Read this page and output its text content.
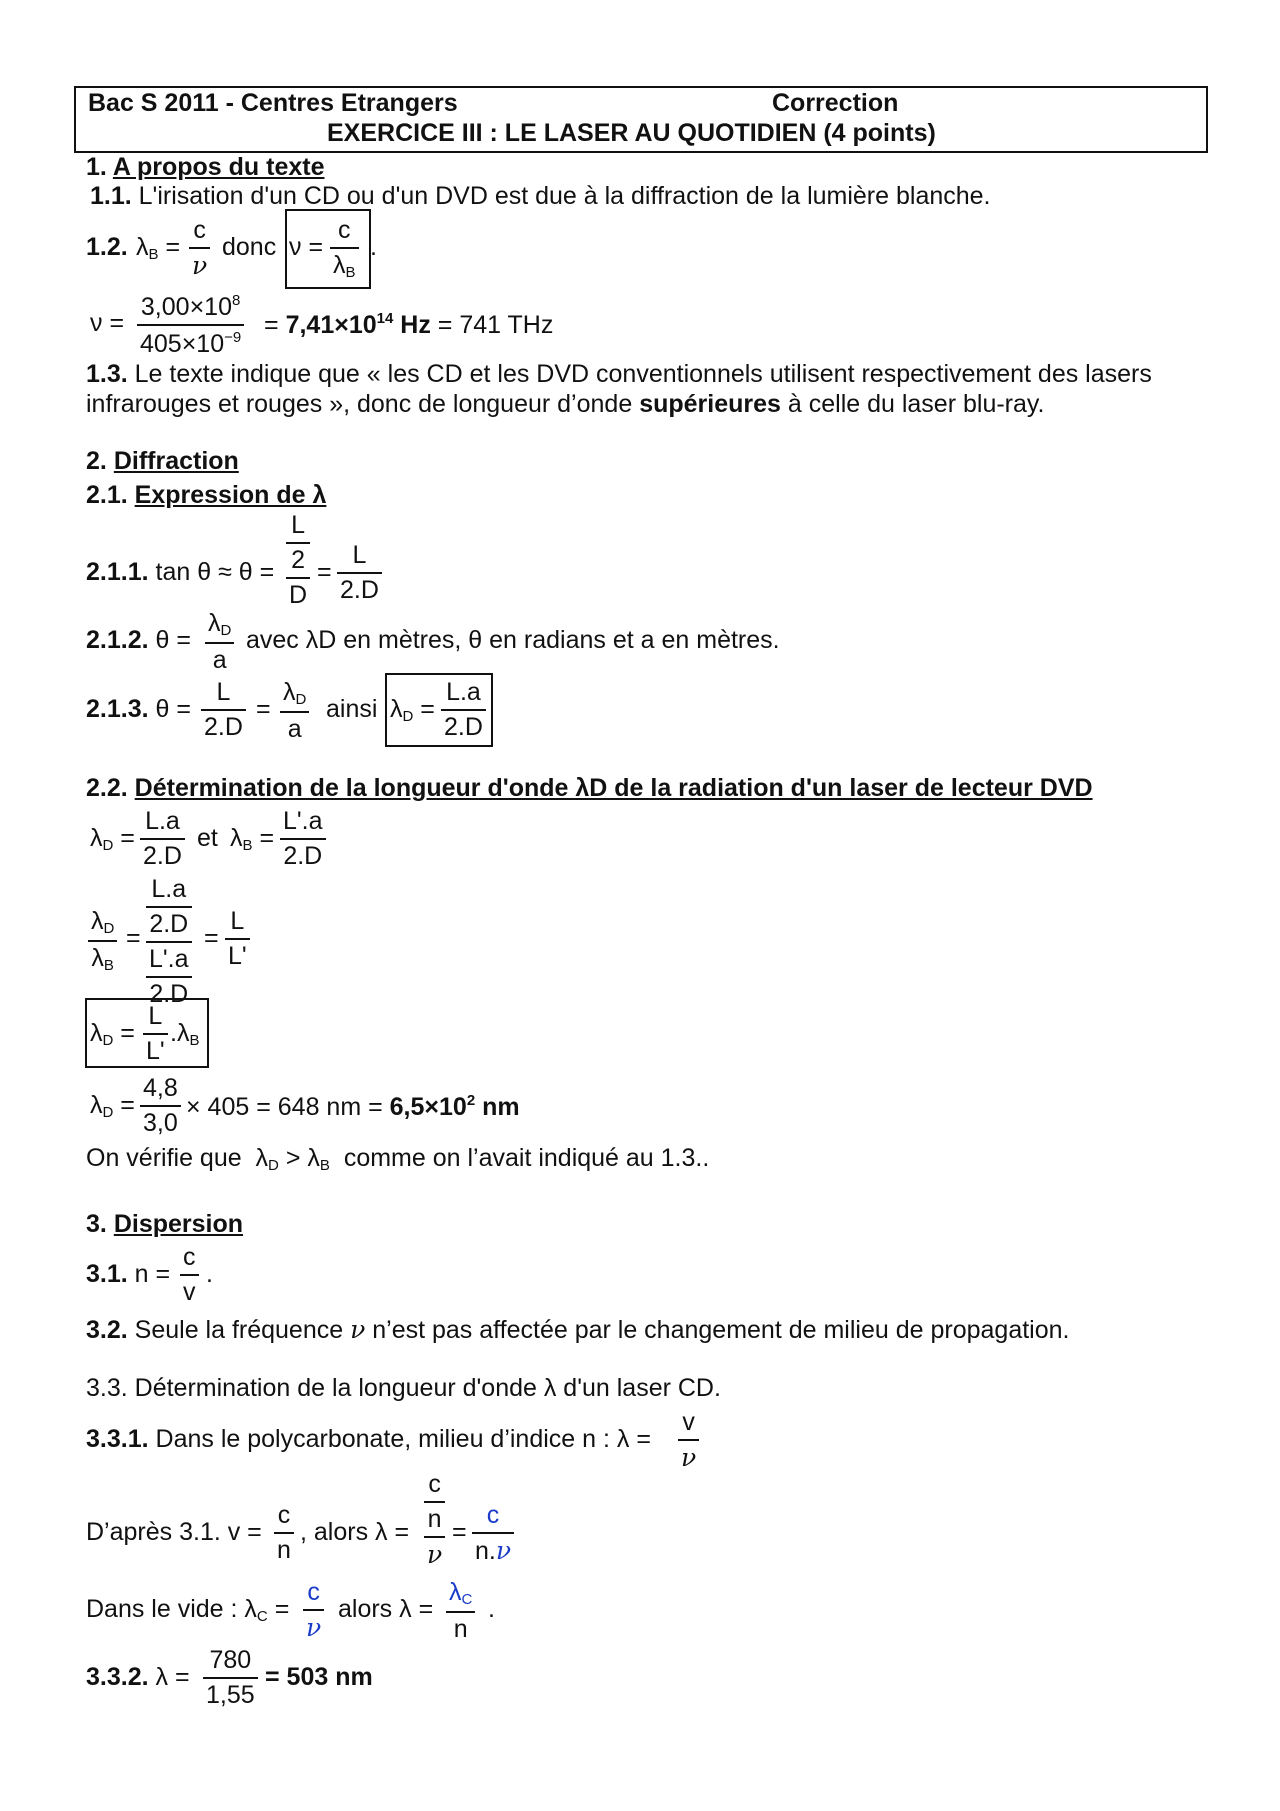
Bac S 2011 - Centres Etrangers	Correction
EXERCICE III : LE LASER AU QUOTIDIEN (4 points)
1. A propos du texte
1.1. L'irisation d'un CD ou d'un DVD est due à la diffraction de la lumière blanche.
1.2. $\lambda_B$ =
c
ν
donc ν =
c
$\lambda_B$
.
ν =
$3,00\times 10^8$
$405\times 10^{-9} = 7,41\times 10^{14}$ Hz = 741 THz
1.3. Le texte indique que « les CD et les DVD conventionnels utilisent respectivement des lasers
infrarouges et rouges », donc de longueur d’onde supérieures à celle du laser blu-ray.
2. Diffraction
2.1. Expression de λ
2.1.1. tan θ ≈ θ =
L
2
D
=
L
2.D
2.1.2. θ =
$\lambda_D$
a
avec λD en mètres, θ en radians et a en mètres.
2.1.3. θ =
L
2.D
=
$\lambda_D$
a
ainsi $\lambda_D$ =
L.a
2.D
2.2. Détermination de la longueur d'onde λD de la radiation d'un laser de lecteur DVD
$\lambda_D$ =
L.a
2.D
et $\lambda_B$ =
L'.a
2.D
$\lambda_D$
$\lambda_B$
=
L.a
2.D
L'.a
2.D
=
L
L'
$\lambda_D$ =
L
L'
$.\lambda_B$
$\lambda_D$ =
4,8
3,0
× 405 = 648 nm = $6,5\times 10^2$ nm
On vérifie que  $\lambda_D > \lambda_B$ comme on l’avait indiqué au 1.3..
3. Dispersion
3.1. n =
c
v
.
3.2. Seule la fréquence ν n’est pas affectée par le changement de milieu de propagation.
3.3. Détermination de la longueur d'onde λ d'un laser CD.
3.3.1. Dans le polycarbonate, milieu d’indice n : λ =
v
ν
D’après 3.1. v =
c
n
, alors λ =
c
n
ν
=
c
n.ν
Dans le vide : $\lambda_C$ =
c
ν
alors λ =
$\lambda_C$
n
.
3.3.2. λ =
780
1,55
= 503 nm
